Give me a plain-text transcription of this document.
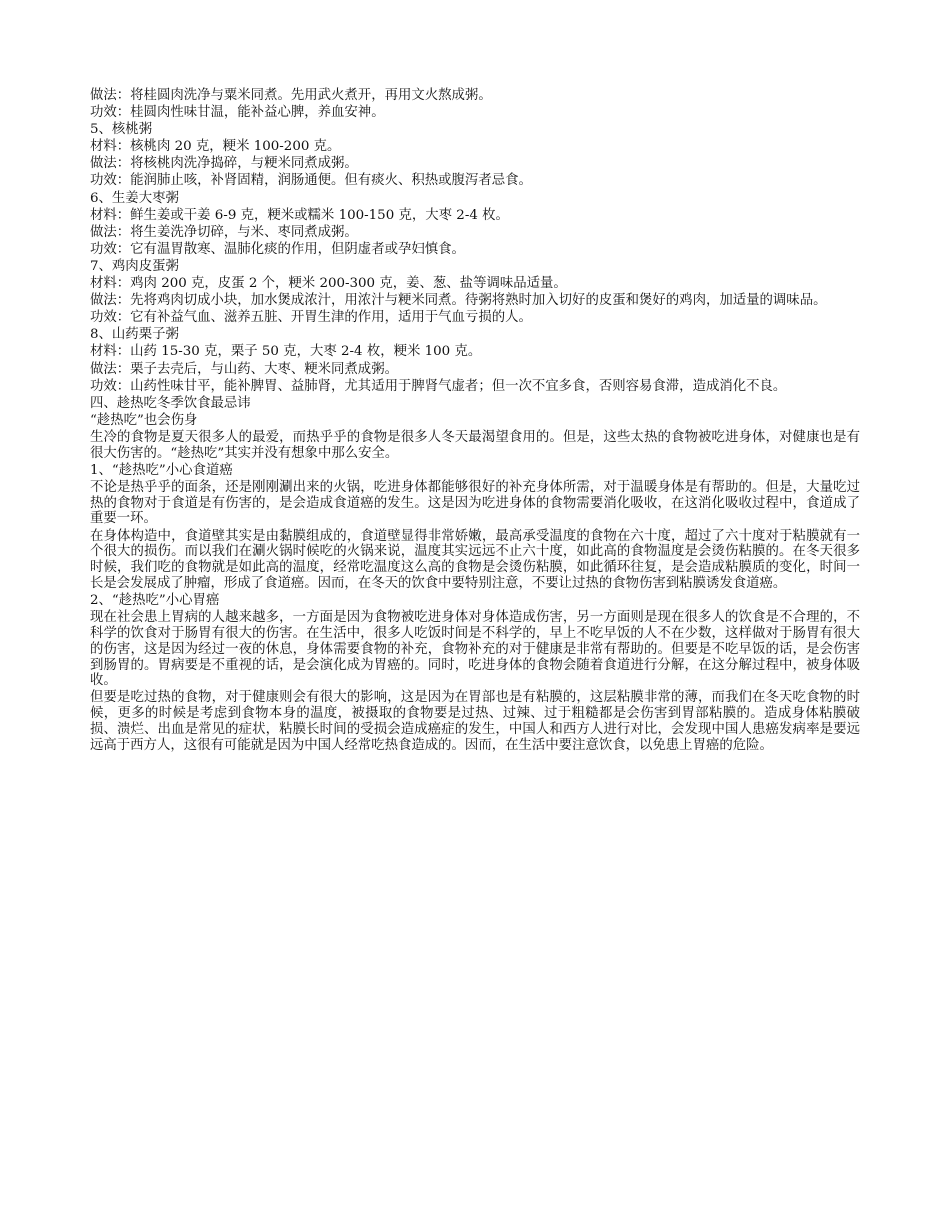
做法：将桂圆肉洗净与粟米同煮。先用武火煮开，再用文火熬成粥。

功效：桂圆肉性味甘温，能补益心脾，养血安神。

5、核桃粥

材料：核桃肉 20 克，粳米 100-200 克。

做法：将核桃肉洗净捣碎，与粳米同煮成粥。

功效：能润肺止咳，补肾固精，润肠通便。但有痰火、积热或腹泻者忌食。

6、生姜大枣粥

材料：鲜生姜或干姜 6-9 克，粳米或糯米 100-150 克，大枣 2-4 枚。

做法：将生姜洗净切碎，与米、枣同煮成粥。

功效：它有温胃散寒、温肺化痰的作用，但阴虚者或孕妇慎食。

7、鸡肉皮蛋粥

材料：鸡肉 200 克，皮蛋 2 个，粳米 200-300 克，姜、葱、盐等调味品适量。

做法：先将鸡肉切成小块，加水煲成浓汁，用浓汁与粳米同煮。待粥将熟时加入切好的皮蛋和煲好的鸡肉，加适量的调味品。

功效：它有补益气血、滋养五脏、开胃生津的作用，适用于气血亏损的人。

8、山药栗子粥

材料：山药 15-30 克，栗子 50 克，大枣 2-4 枚，粳米 100 克。

做法：栗子去壳后，与山药、大枣、粳米同煮成粥。

功效：山药性味甘平，能补脾胃、益肺肾，尤其适用于脾肾气虚者；但一次不宜多食，否则容易食滞，造成消化不良。

四、趁热吃冬季饮食最忌讳

“趁热吃”也会伤身

生冷的食物是夏天很多人的最爱，而热乎乎的食物是很多人冬天最渴望食用的。但是，这些太热的食物被吃进身体，对健康也是有很大伤害的。“趁热吃”其实并没有想象中那么安全。

1、“趁热吃”小心食道癌

不论是热乎乎的面条，还是刚刚涮出来的火锅，吃进身体都能够很好的补充身体所需，对于温暖身体是有帮助的。但是，大量吃过热的食物对于食道是有伤害的，是会造成食道癌的发生。这是因为吃进身体的食物需要消化吸收，在这消化吸收过程中，食道成了重要一环。

在身体构造中，食道壁其实是由黏膜组成的，食道壁显得非常娇嫩，最高承受温度的食物在六十度，超过了六十度对于粘膜就有一个很大的损伤。而以我们在涮火锅时候吃的火锅来说，温度其实远远不止六十度，如此高的食物温度是会烫伤粘膜的。在冬天很多时候，我们吃的食物就是如此高的温度，经常吃温度这么高的食物是会烫伤粘膜，如此循环往复，是会造成粘膜质的变化，时间一长是会发展成了肿瘤，形成了食道癌。因而，在冬天的饮食中要特别注意，不要让过热的食物伤害到粘膜诱发食道癌。

2、“趁热吃”小心胃癌

现在社会患上胃病的人越来越多，一方面是因为食物被吃进身体对身体造成伤害，另一方面则是现在很多人的饮食是不合理的，不科学的饮食对于肠胃有很大的伤害。在生活中，很多人吃饭时间是不科学的，早上不吃早饭的人不在少数，这样做对于肠胃有很大的伤害，这是因为经过一夜的休息，身体需要食物的补充，食物补充的对于健康是非常有帮助的。但要是不吃早饭的话，是会伤害到肠胃的。胃病要是不重视的话，是会演化成为胃癌的。同时，吃进身体的食物会随着食道进行分解，在这分解过程中，被身体吸收。

但要是吃过热的食物，对于健康则会有很大的影响，这是因为在胃部也是有粘膜的，这层粘膜非常的薄，而我们在冬天吃食物的时候，更多的时候是考虑到食物本身的温度，被摄取的食物要是过热、过辣、过于粗糙都是会伤害到胃部粘膜的。造成身体粘膜破损、溃烂、出血是常见的症状，粘膜长时间的受损会造成癌症的发生，中国人和西方人进行对比，会发现中国人患癌发病率是要远远高于西方人，这很有可能就是因为中国人经常吃热食造成的。因而，在生活中要注意饮食，以免患上胃癌的危险。
